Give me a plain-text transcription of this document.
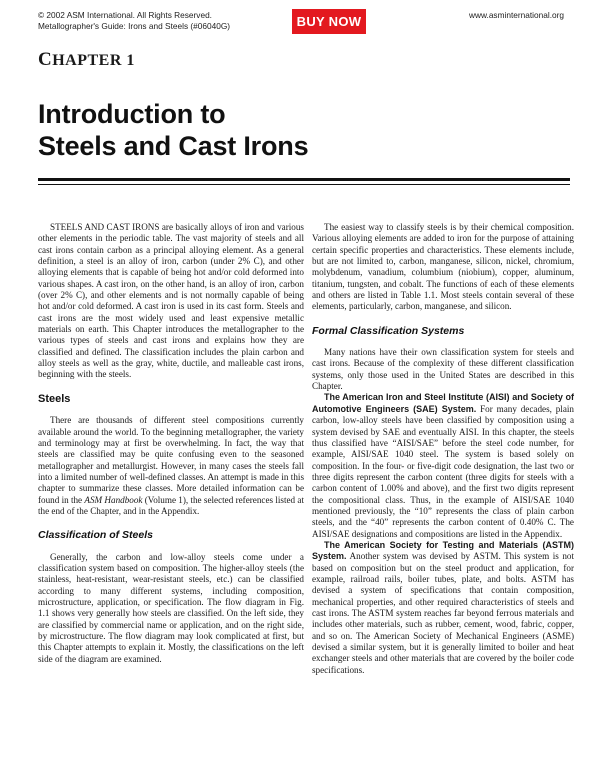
© 2002 ASM International. All Rights Reserved.
Metallographer's Guide: Irons and Steels (#06040G)	BUY NOW	www.asminternational.org
CHAPTER 1
Introduction to
Steels and Cast Irons

STEELS AND CAST IRONS are basically alloys of iron and various other elements in the periodic table. The vast majority of steels and all cast irons contain carbon as a principal alloying element. As a general definition, a steel is an alloy of iron, carbon (under 2% C), and other alloying elements that is capable of being hot and/or cold deformed into various shapes. A cast iron, on the other hand, is an alloy of iron, carbon (over 2% C), and other elements and is not normally capable of being hot and/or cold deformed. A cast iron is used in its cast form. Steels and cast irons are the most widely used and least expensive metallic materials on earth. This Chapter introduces the metallographer to the various types of steels and cast irons and explains how they are classified and defined. The classification includes the plain carbon and alloy steels as well as the gray, white, ductile, and malleable cast irons, beginning with the steels.

Steels

There are thousands of different steel compositions currently available around the world. To the beginning metallographer, the variety and terminology may at first be overwhelming. In fact, the way that steels are classified may be quite confusing even to the seasoned metallographer and metallurgist. However, in many cases the steels fall into a limited number of well-defined classes. An attempt is made in this chapter to summarize these classes. More detailed information can be found in the ASM Handbook (Volume 1), the selected references listed at the end of the Chapter, and in the Appendix.

Classification of Steels

Generally, the carbon and low-alloy steels come under a classification system based on composition. The higher-alloy steels (the stainless, heat-resistant, wear-resistant steels, etc.) can be classified according to many different systems, including composition, microstructure, application, or specification. The flow diagram in Fig. 1.1 shows very generally how steels are classified. On the left side, they are classified by commercial name or application, and on the right side, by microstructure. The flow diagram may look complicated at first, but this Chapter attempts to explain it. Mostly, the classifications on the left side of the diagram are examined.

The easiest way to classify steels is by their chemical composition. Various alloying elements are added to iron for the purpose of attaining certain specific properties and characteristics. These elements include, but are not limited to, carbon, manganese, silicon, nickel, chromium, molybdenum, vanadium, columbium (niobium), copper, aluminum, titanium, tungsten, and cobalt. The functions of each of these elements and others are listed in Table 1.1. Most steels contain several of these elements, particularly, carbon, manganese, and silicon.

Formal Classification Systems

Many nations have their own classification system for steels and cast irons. Because of the complexity of these different classification systems, only those used in the United States are described in this Chapter.

The American Iron and Steel Institute (AISI) and Society of Automotive Engineers (SAE) System. For many decades, plain carbon, low-alloy steels have been classified by composition using a system devised by SAE and eventually AISI. In this chapter, the steels thus classified have “AISI/SAE” before the steel code number, for example, AISI/SAE 1040 steel. The system is based solely on composition. In the four- or five-digit code designation, the last two or three digits represent the carbon content (three digits for steels with a carbon content of 1.00% and above), and the first two digits represent the compositional class. Thus, in the example of AISI/SAE 1040 mentioned previously, the “10” represents the class of plain carbon steels, and the “40” represents the carbon content of 0.40% C. The AISI/SAE designations and compositions are listed in the Appendix.

The American Society for Testing and Materials (ASTM) System. Another system was devised by ASTM. This system is not based on composition but on the steel product and application, for example, railroad rails, boiler tubes, plate, and bolts. ASTM has devised a system of specifications that contain composition, mechanical properties, and other required characteristics of steels and cast irons. The ASTM system reaches far beyond ferrous materials and includes other materials, such as rubber, cement, wood, fabric, copper, and so on. The American Society of Mechanical Engineers (ASME) devised a similar system, but it is generally limited to boiler and heat exchanger steels and other materials that are covered by the boiler code specifications.
